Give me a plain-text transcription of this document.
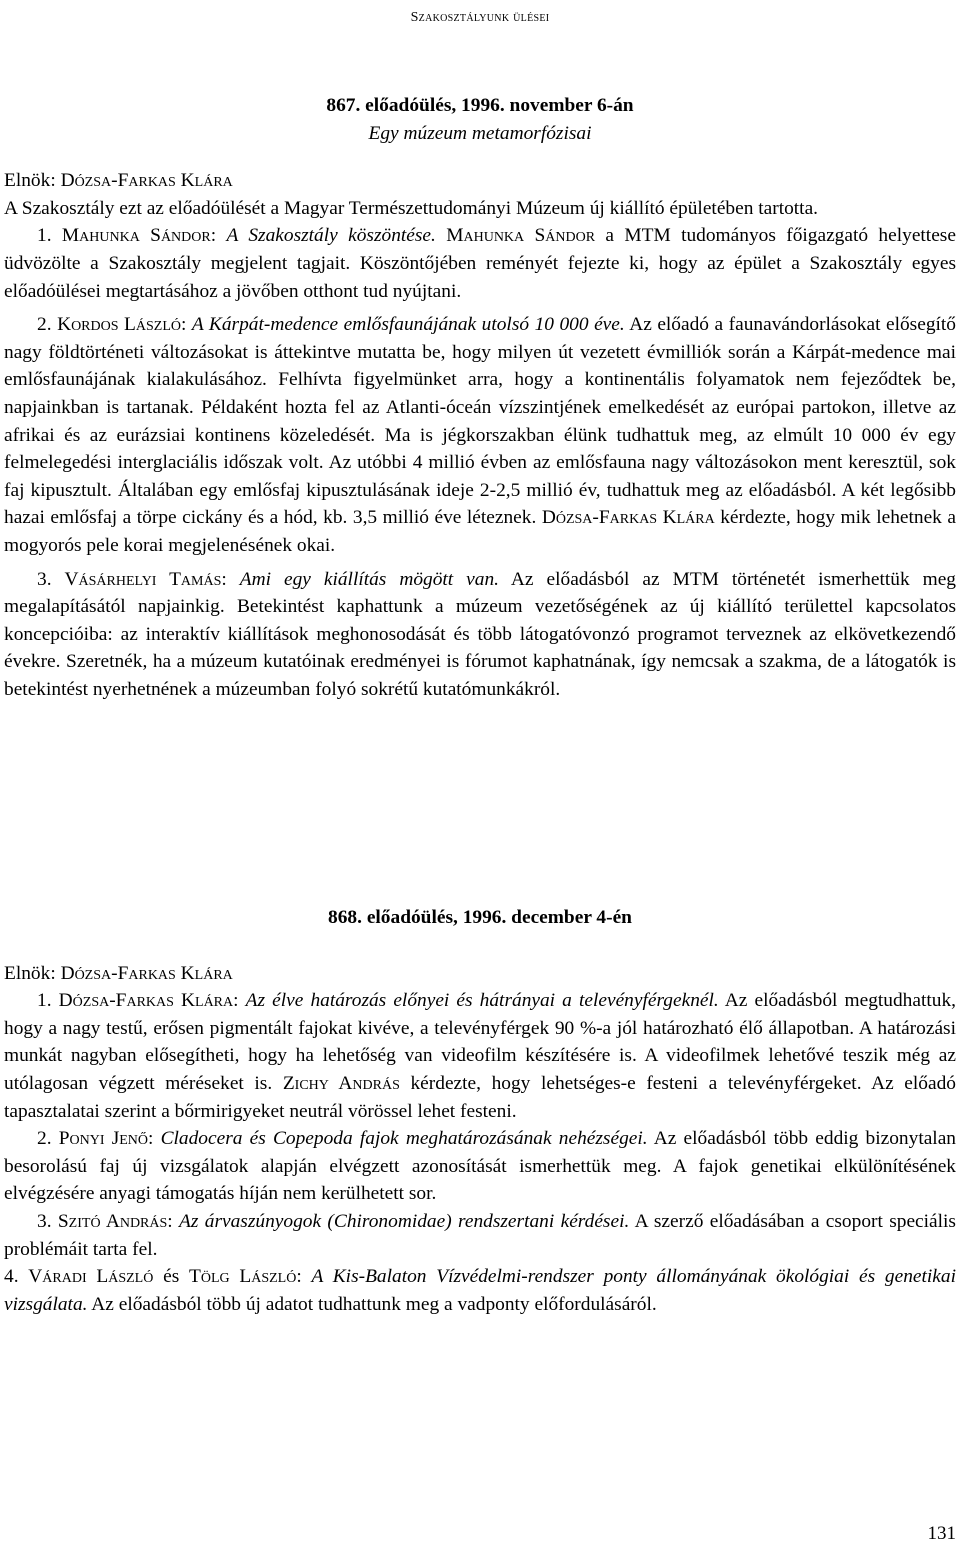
Szakosztályunk ülései

867. előadóülés, 1996. november 6-án

Egy múzeum metamorfózisai

Elnök: Dózsa-Farkas Klára

A Szakosztály ezt az előadóülését a Magyar Természettudományi Múzeum új kiállító épületében tartotta.

1. Mahunka Sándor: A Szakosztály köszöntése. Mahunka Sándor a MTM tudományos főigazgató helyettese üdvözölte a Szakosztály megjelent tagjait. Köszöntőjében reményét fejezte ki, hogy az épület a Szakosztály egyes előadóülései megtartásához a jövőben otthont tud nyújtani.

2. Kordos László: A Kárpát-medence emlősfaunájának utolsó 10 000 éve. Az előadó a faunavándorlásokat elősegítő nagy földtörténeti változásokat is áttekintve mutatta be, hogy milyen út vezetett évmilliók során a Kárpát-medence mai emlősfaunájának kialakulásához. Felhívta figyelmünket arra, hogy a kontinentális folyamatok nem fejeződtek be, napjainkban is tartanak. Példaként hozta fel az Atlanti-óceán vízszintjének emelkedését az európai partokon, illetve az afrikai és az eurázsiai kontinens közeledését. Ma is jégkorszakban élünk tudhattuk meg, az elmúlt 10 000 év egy felmelegedési interglaciális időszak volt. Az utóbbi 4 millió évben az emlősfauna nagy változásokon ment keresztül, sok faj kipusztult. Általában egy emlősfaj kipusztulásának ideje 2-2,5 millió év, tudhattuk meg az előadásból. A két legősibb hazai emlősfaj a törpe cickány és a hód, kb. 3,5 millió éve léteznek. Dózsa-Farkas Klára kérdezte, hogy mik lehetnek a mogyorós pele korai megjelenésének okai.

3. Vásárhelyi Tamás: Ami egy kiállítás mögött van. Az előadásból az MTM történetét ismerhettük meg megalapításától napjainkig. Betekintést kaphattunk a múzeum vezetőségének az új kiállító területtel kapcsolatos koncepcióiba: az interaktív kiállítások meghonosodását és több látogatóvonzó programot terveznek az elkövetkezendő évekre. Szeretnék, ha a múzeum kutatóinak eredményei is fórumot kaphatnának, így nemcsak a szakma, de a látogatók is betekintést nyerhetnének a múzeumban folyó sokrétű kutatómunkákról.

868. előadóülés, 1996. december 4-én

Elnök: Dózsa-Farkas Klára

1. Dózsa-Farkas Klára: Az élve határozás előnyei és hátrányai a televényférgeknél. Az előadásból megtudhattuk, hogy a nagy testű, erősen pigmentált fajokat kivéve, a televényférgek 90 %-a jól határozható élő állapotban. A határozási munkát nagyban elősegítheti, hogy ha lehetőség van videofilm készítésére is. A videofilmek lehetővé teszik még az utólagosan végzett méréseket is. Zichy András kérdezte, hogy lehetséges-e festeni a televényférgeket. Az előadó tapasztalatai szerint a bőrmirigyeket neutrál vörössel lehet festeni.

2. Ponyi Jenő: Cladocera és Copepoda fajok meghatározásának nehézségei. Az előadásból több eddig bizonytalan besorolású faj új vizsgálatok alapján elvégzett azonosítását ismerhettük meg. A fajok genetikai elkülönítésének elvégzésére anyagi támogatás híján nem kerülhetett sor.

3. Szitó András: Az árvaszúnyogok (Chironomidae) rendszertani kérdései. A szerző előadásában a csoport speciális problémáit tarta fel.

4. Váradi László és Tölg László: A Kis-Balaton Vízvédelmi-rendszer ponty állományának ökológiai és genetikai vizsgálata. Az előadásból több új adatot tudhattunk meg a vadponty előfordulásáról.

131
